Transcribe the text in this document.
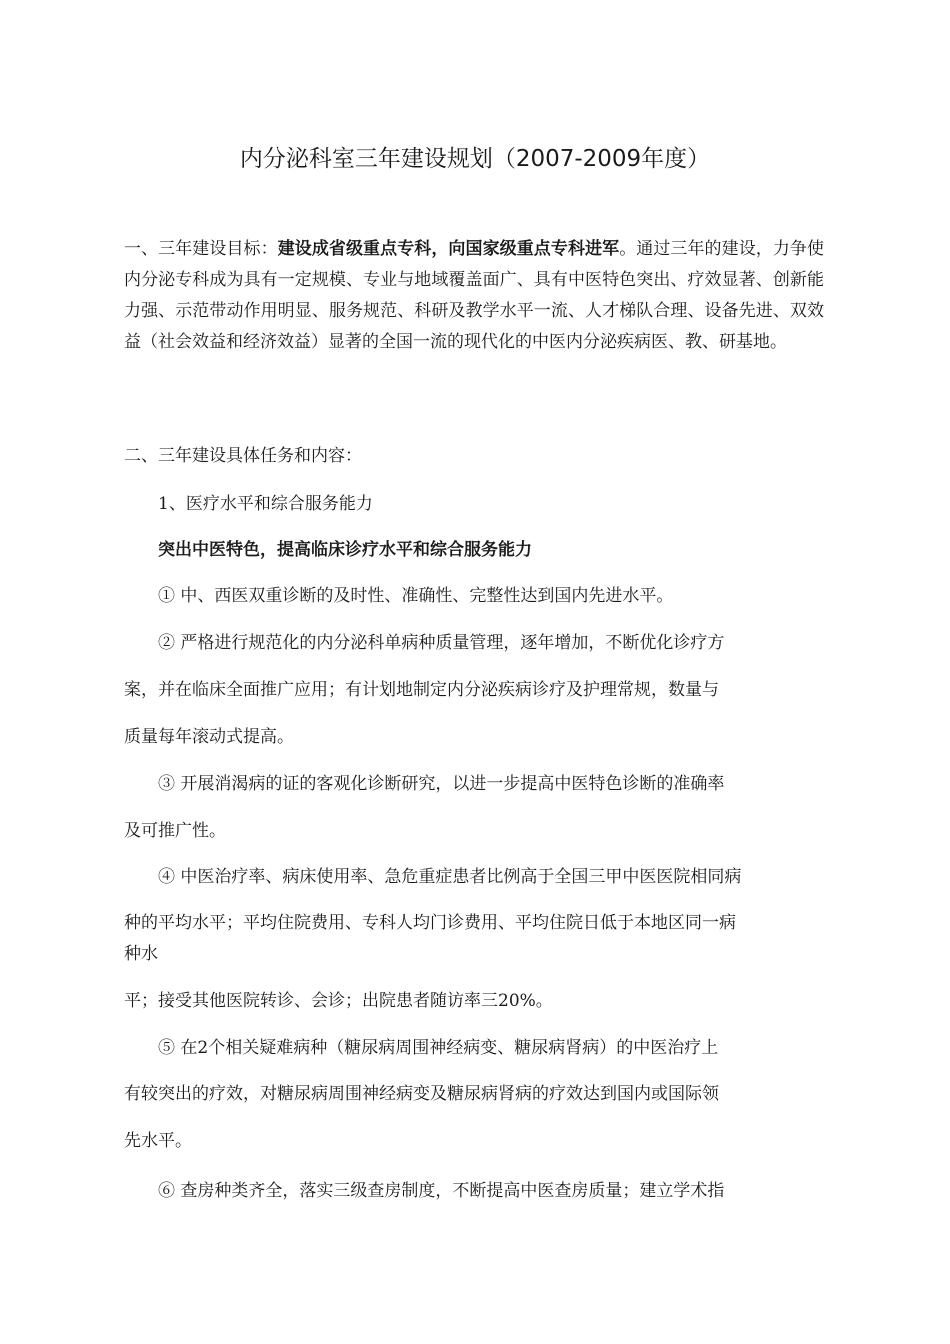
内分泌科室三年建设规划（2007-2009年度）
一、三年建设目标：建设成省级重点专科，向国家级重点专科进军。通过三年的建设，力争使内分泌专科成为具有一定规模、专业与地域覆盖面广、具有中医特色突出、疗效显著、创新能力强、示范带动作用明显、服务规范、科研及教学水平一流、人才梯队合理、设备先进、双效益（社会效益和经济效益）显著的全国一流的现代化的中医内分泌疾病医、教、研基地。
二、三年建设具体任务和内容：
1、医疗水平和综合服务能力
突出中医特色，提高临床诊疗水平和综合服务能力
① 中、西医双重诊断的及时性、准确性、完整性达到国内先进水平。
② 严格进行规范化的内分泌科单病种质量管理，逐年增加，不断优化诊疗方
案，并在临床全面推广应用；有计划地制定内分泌疾病诊疗及护理常规，数量与
质量每年滚动式提高。
③ 开展消渴病的证的客观化诊断研究，以进一步提高中医特色诊断的准确率
及可推广性。
④ 中医治疗率、病床使用率、急危重症患者比例高于全国三甲中医医院相同病
种的平均水平；平均住院费用、专科人均门诊费用、平均住院日低于本地区同一病
种水
平；接受其他医院转诊、会诊；出院患者随访率三20%。
⑤ 在2个相关疑难病种（糖尿病周围神经病变、糖尿病肾病）的中医治疗上
有较突出的疗效，对糖尿病周围神经病变及糖尿病肾病的疗效达到国内或国际领
先水平。
⑥ 查房种类齐全，落实三级查房制度，不断提高中医查房质量；建立学术指
